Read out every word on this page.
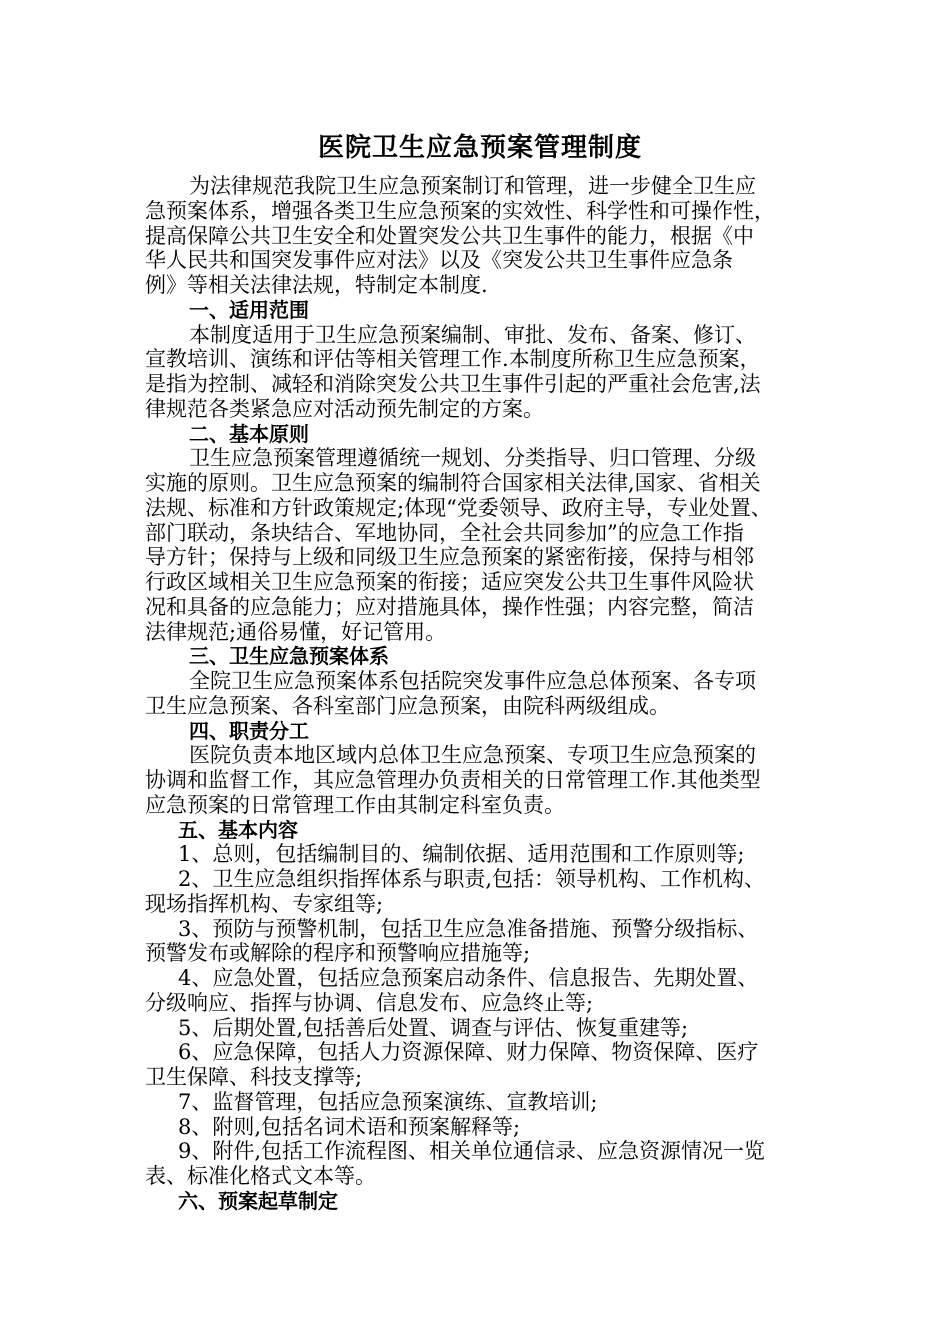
医院卫生应急预案管理制度
为法律规范我院卫生应急预案制订和管理，进一步健全卫生应
急预案体系，增强各类卫生应急预案的实效性、科学性和可操作性，
提高保障公共卫生安全和处置突发公共卫生事件的能力，根据《中
华人民共和国突发事件应对法》以及《突发公共卫生事件应急条
例》等相关法律法规，特制定本制度.
一、适用范围
本制度适用于卫生应急预案编制、审批、发布、备案、修订、
宣教培训、演练和评估等相关管理工作.本制度所称卫生应急预案，
是指为控制、减轻和消除突发公共卫生事件引起的严重社会危害,法
律规范各类紧急应对活动预先制定的方案。
二、基本原则
卫生应急预案管理遵循统一规划、分类指导、归口管理、分级
实施的原则。卫生应急预案的编制符合国家相关法律,国家、省相关
法规、标准和方针政策规定;体现“党委领导、政府主导，专业处置、
部门联动，条块结合、军地协同，全社会共同参加”的应急工作指
导方针；保持与上级和同级卫生应急预案的紧密衔接，保持与相邻
行政区域相关卫生应急预案的衔接；适应突发公共卫生事件风险状
况和具备的应急能力；应对措施具体，操作性强；内容完整，简洁
法律规范;通俗易懂，好记管用。
三、卫生应急预案体系
全院卫生应急预案体系包括院突发事件应急总体预案、各专项
卫生应急预案、各科室部门应急预案，由院科两级组成。
四、职责分工
医院负责本地区域内总体卫生应急预案、专项卫生应急预案的
协调和监督工作，其应急管理办负责相关的日常管理工作.其他类型
应急预案的日常管理工作由其制定科室负责。
五、基本内容
1、总则，包括编制目的、编制依据、适用范围和工作原则等;
2、卫生应急组织指挥体系与职责,包括：领导机构、工作机构、
现场指挥机构、专家组等;
3、预防与预警机制，包括卫生应急准备措施、预警分级指标、
预警发布或解除的程序和预警响应措施等;
4、应急处置，包括应急预案启动条件、信息报告、先期处置、
分级响应、指挥与协调、信息发布、应急终止等;
5、后期处置,包括善后处置、调查与评估、恢复重建等;
6、应急保障，包括人力资源保障、财力保障、物资保障、医疗
卫生保障、科技支撑等;
7、监督管理，包括应急预案演练、宣教培训;
8、附则,包括名词术语和预案解释等;
9、附件,包括工作流程图、相关单位通信录、应急资源情况一览
表、标准化格式文本等。
六、预案起草制定
